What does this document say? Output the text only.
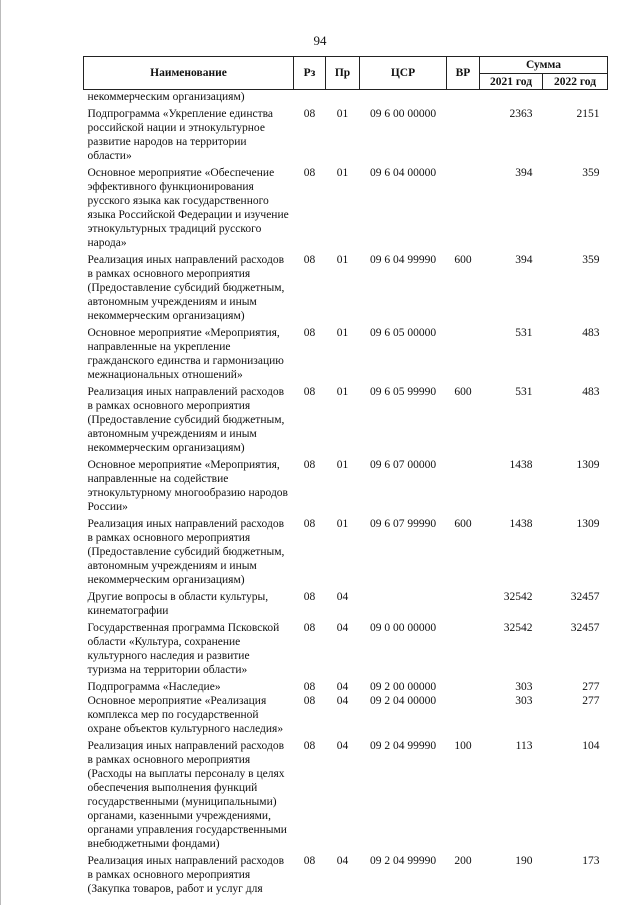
94
Наименование	Рз	Пр	ЦСР	ВР	Сумма	
					2021 год	2022 год
некоммерческим организациям)						
Подпрограмма «Укрепление единства российской нации и этнокультурное развитие народов на территории области»	08	01	09 6 00 00000		2363	2151
Основное мероприятие «Обеспечение эффективного функционирования русского языка как государственного языка Российской Федерации и изучение этнокультурных традиций русского народа»	08	01	09 6 04 00000		394	359
Реализация иных направлений расходов в рамках основного мероприятия (Предоставление субсидий бюджетным, автономным учреждениям и иным некоммерческим организациям)	08	01	09 6 04 99990	600	394	359
Основное мероприятие «Мероприятия, направленные на укрепление гражданского единства и гармонизацию межнациональных отношений»	08	01	09 6 05 00000		531	483
Реализация иных направлений расходов в рамках основного мероприятия (Предоставление субсидий бюджетным, автономным учреждениям и иным некоммерческим организациям)	08	01	09 6 05 99990	600	531	483
Основное мероприятие «Мероприятия, направленные на содействие этнокультурному многообразию народов России»	08	01	09 6 07 00000		1438	1309
Реализация иных направлений расходов в рамках основного мероприятия (Предоставление субсидий бюджетным, автономным учреждениям и иным некоммерческим организациям)	08	01	09 6 07 99990	600	1438	1309
Другие вопросы в области культуры, кинематографии	08	04			32542	32457
Государственная программа Псковской области «Культура, сохранение культурного наследия и развитие туризма на территории области»	08	04	09 0 00 00000		32542	32457
Подпрограмма «Наследие»	08	04	09 2 00 00000		303	277
Основное мероприятие «Реализация комплекса мер по государственной охране объектов культурного наследия»	08	04	09 2 04 00000		303	277
Реализация иных направлений расходов в рамках основного мероприятия (Расходы на выплаты персоналу в целях обеспечения выполнения функций государственными (муниципальными) органами, казенными учреждениями, органами управления государственными внебюджетными фондами)	08	04	09 2 04 99990	100	113	104
Реализация иных направлений расходов в рамках основного мероприятия (Закупка товаров, работ и услуг для	08	04	09 2 04 99990	200	190	173
